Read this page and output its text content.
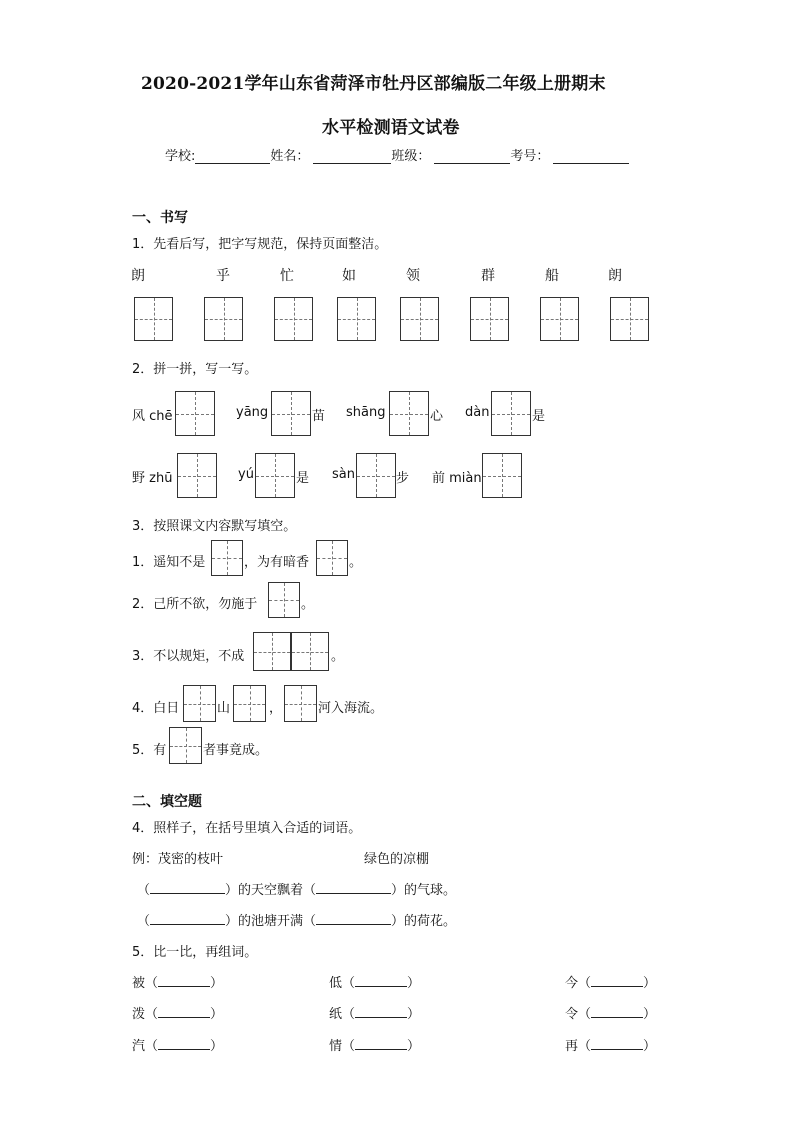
2020-2021学年山东省菏泽市牡丹区部编版二年级上册期末
水平检测语文试卷
学校:	姓名：	班级：	考号：
一、书写
1．先看后写，把字写规范，保持页面整洁。
朗	乎	忙	如	领	群	船	朗
2．拼一拼，写一写。
风 chē	yāng	苗 shāng	心 dàn	是
野 zhū	yú	是 sàn	步 前 miàn
3．按照课文内容默写填空。
1．遥知不是	，为有暗香	。
2．己所不欲，勿施于	。
3．不以规矩，不成	。
4．白日	山	，	河入海流。
5．有	者事竟成。
二、填空题
4．照样子，在括号里填入合适的词语。
例：茂密的枝叶	绿色的凉棚
（	）的天空飘着（	）的气球。
（	）的池塘开满（	）的荷花。
5．比一比，再组词。
被（	）	低（	）	今（	）
泼（	）	纸（	）	令（	）
汽（	）	情（	）	再（	）
